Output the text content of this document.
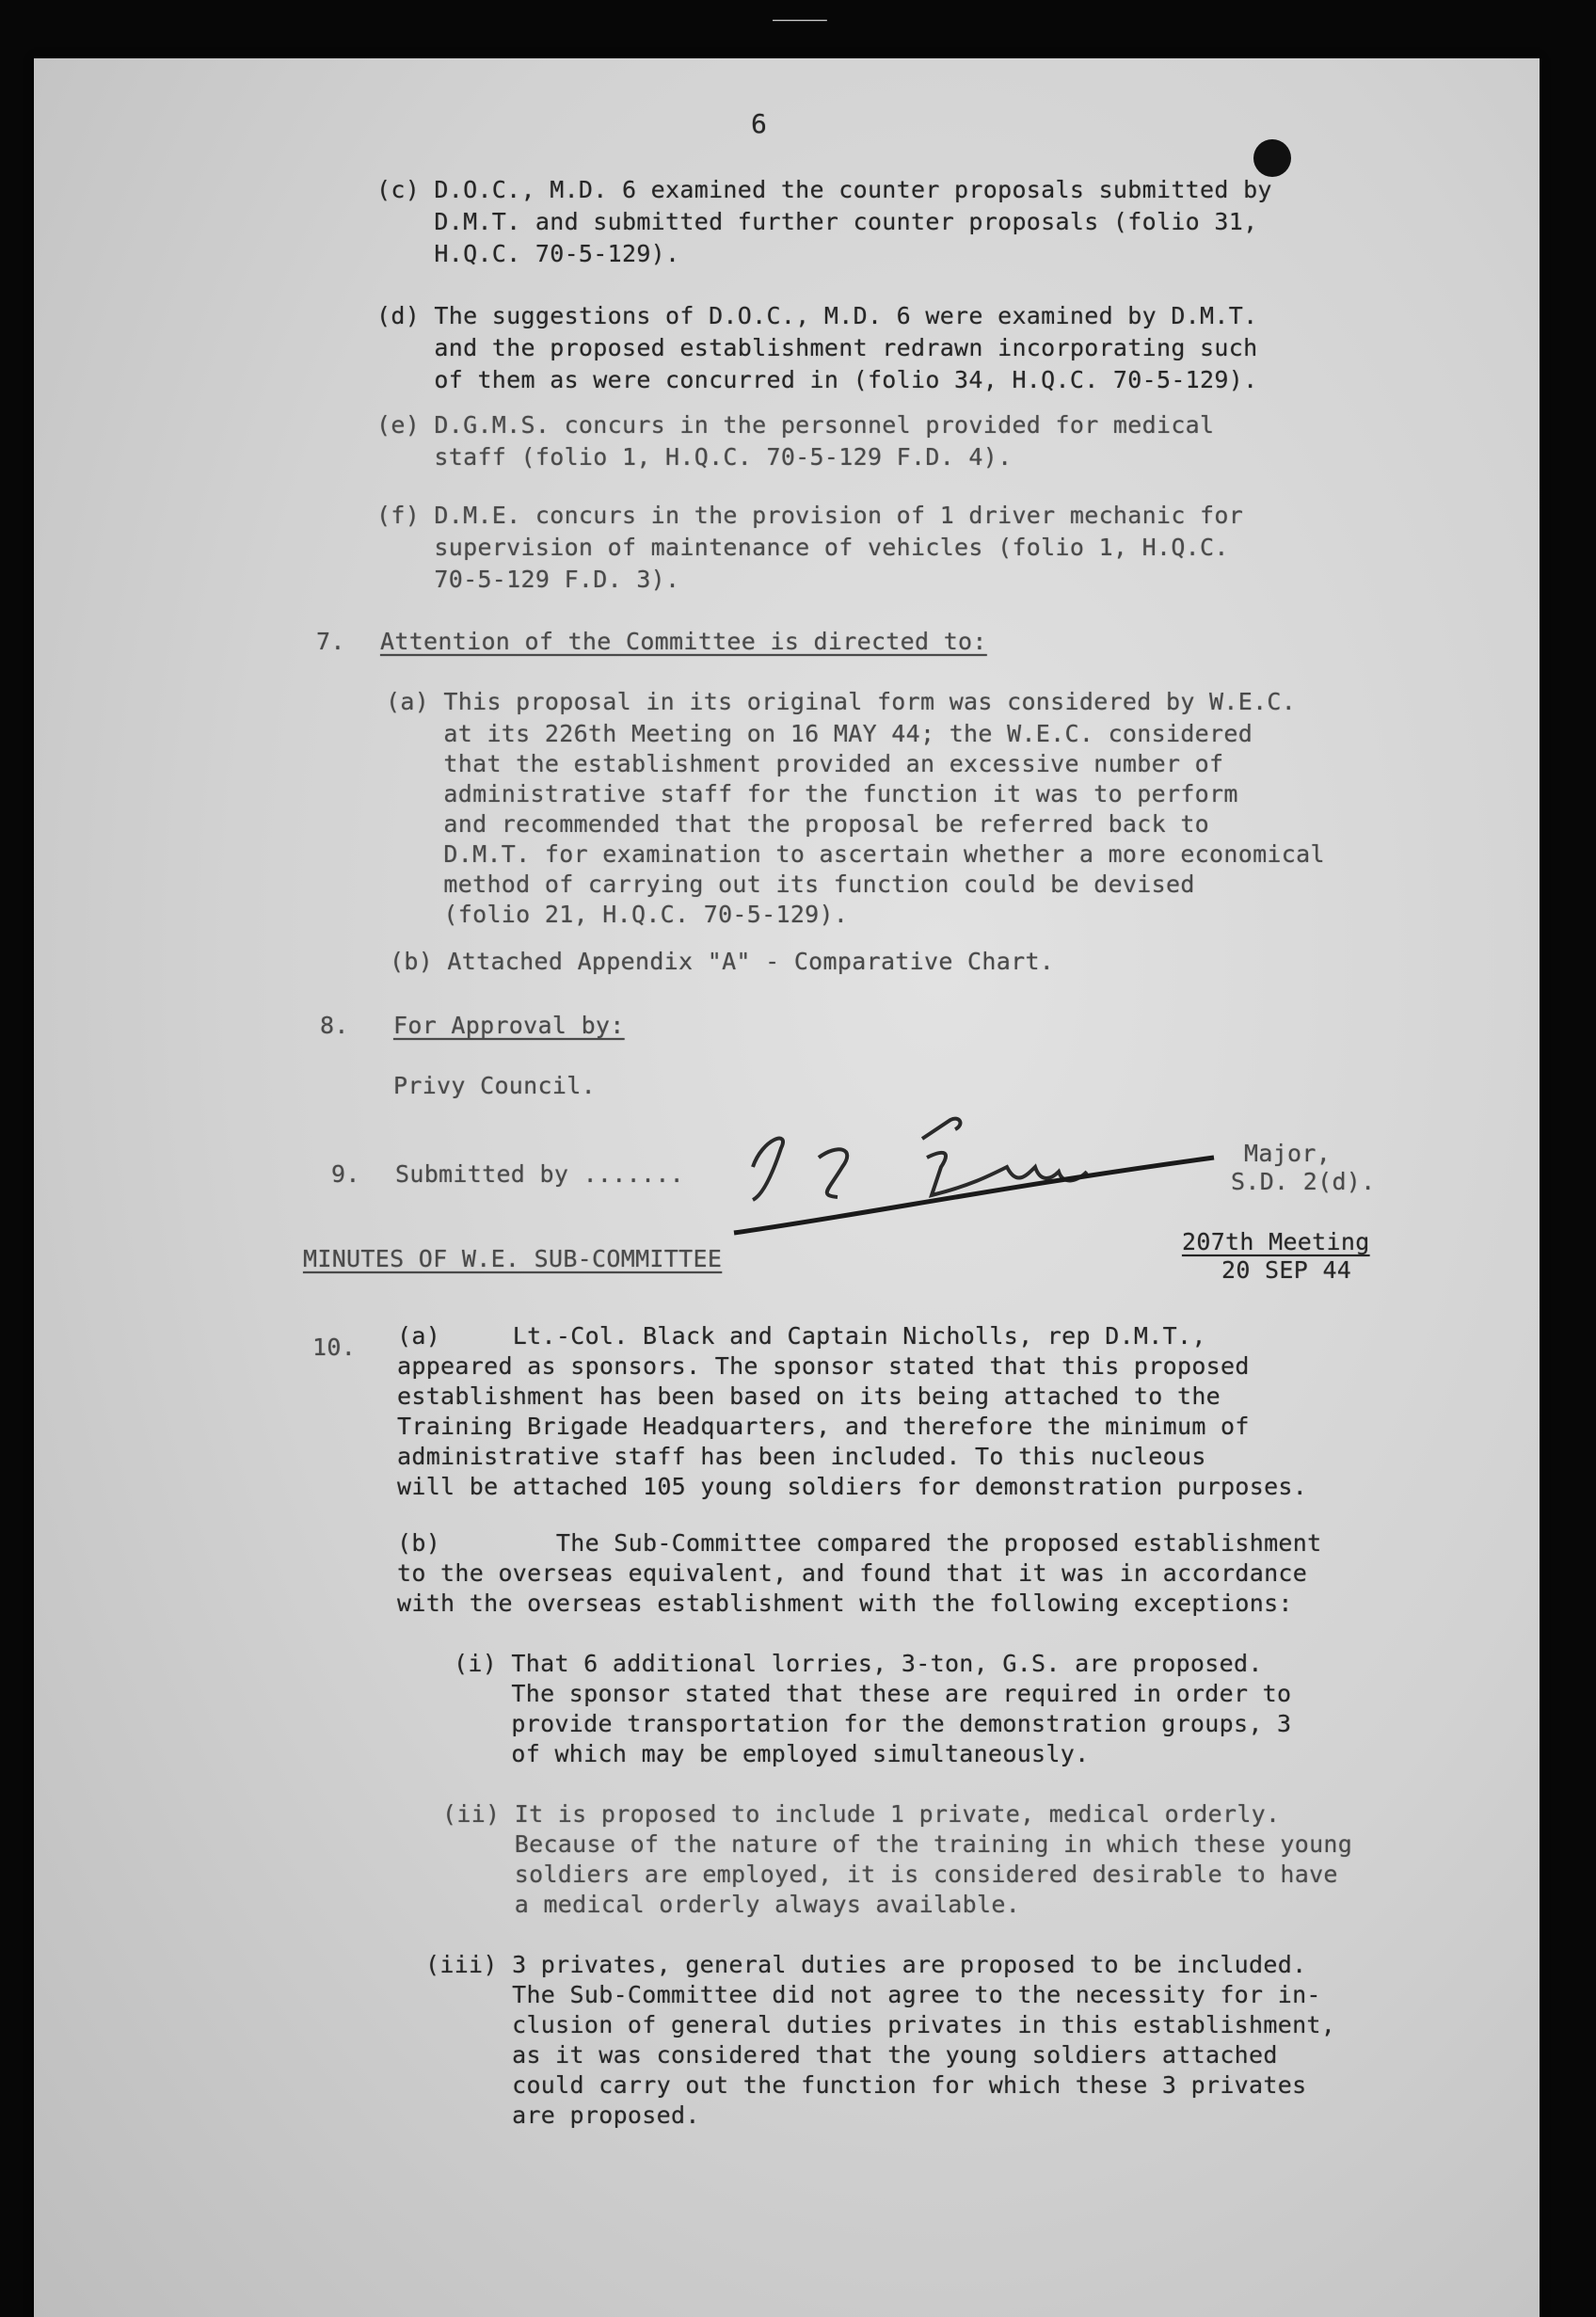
⸻

6

(c) D.O.C., M.D. 6 examined the counter proposals submitted by

D.M.T. and submitted further counter proposals (folio 31,

H.Q.C. 70-5-129).

(d) The suggestions of D.O.C., M.D. 6 were examined by D.M.T.

and the proposed establishment redrawn incorporating such

of them as were concurred in (folio 34, H.Q.C. 70-5-129).

(e) D.G.M.S. concurs in the personnel provided for medical

staff (folio 1, H.Q.C. 70-5-129 F.D. 4).

(f) D.M.E. concurs in the provision of 1 driver mechanic for

supervision of maintenance of vehicles (folio 1, H.Q.C.

70-5-129 F.D. 3).

7. Attention of the Committee is directed to:

(a) This proposal in its original form was considered by W.E.C.

at its 226th Meeting on 16 MAY 44; the W.E.C. considered

that the establishment provided an excessive number of

administrative staff for the function it was to perform

and recommended that the proposal be referred back to

D.M.T. for examination to ascertain whether a more economical

method of carrying out its function could be devised

(folio 21, H.Q.C. 70-5-129).

(b) Attached Appendix "A" - Comparative Chart.

8. For Approval by:

Privy Council.

9. Submitted by .......

Major,

S.D. 2(d).

MINUTES OF W.E. SUB-COMMITTEE

207th Meeting

20 SEP 44

10. (a)     Lt.-Col. Black and Captain Nicholls, rep D.M.T.,

appeared as sponsors. The sponsor stated that this proposed

establishment has been based on its being attached to the

Training Brigade Headquarters, and therefore the minimum of

administrative staff has been included. To this nucleous

will be attached 105 young soldiers for demonstration purposes.

(b)        The Sub-Committee compared the proposed establishment

to the overseas equivalent, and found that it was in accordance

with the overseas establishment with the following exceptions:

(i) That 6 additional lorries, 3-ton, G.S. are proposed.

The sponsor stated that these are required in order to

provide transportation for the demonstration groups, 3

of which may be employed simultaneously.

(ii) It is proposed to include 1 private, medical orderly.

Because of the nature of the training in which these young

soldiers are employed, it is considered desirable to have

a medical orderly always available.

(iii) 3 privates, general duties are proposed to be included.

The Sub-Committee did not agree to the necessity for in-

clusion of general duties privates in this establishment,

as it was considered that the young soldiers attached

could carry out the function for which these 3 privates

are proposed.
